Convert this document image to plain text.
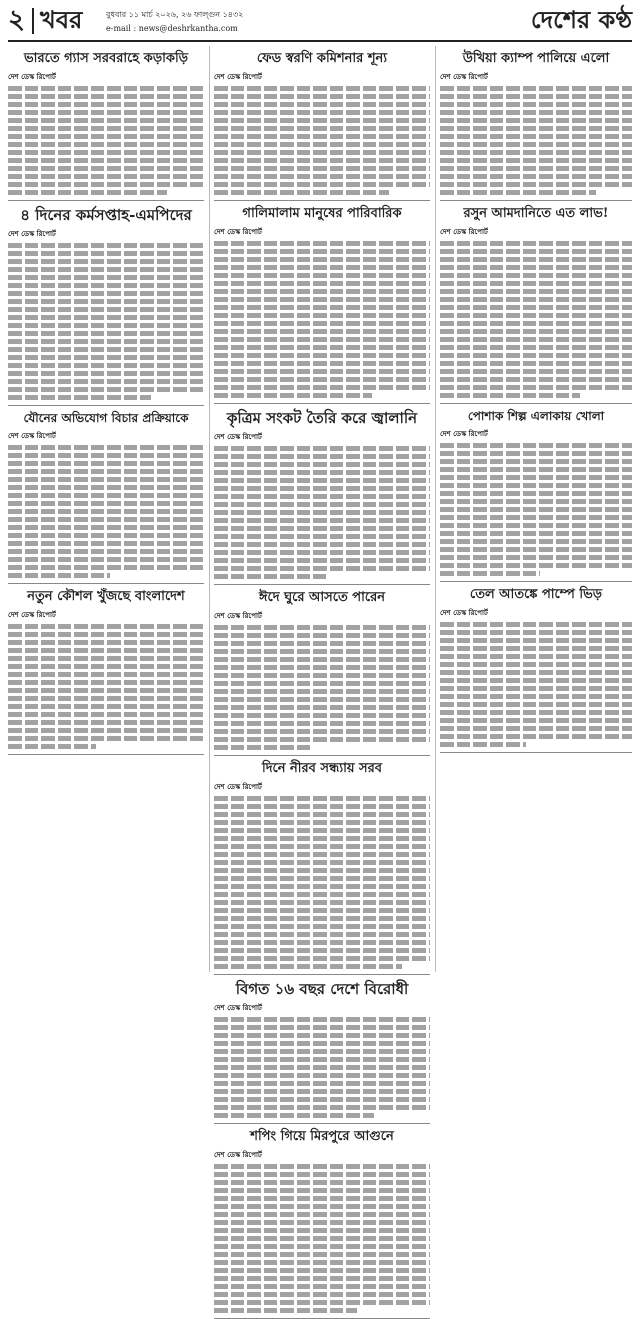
২ খবর	বুধবার ১১ মার্চ ২০২৬, ২৬ ফাল্গুন ১৪৩২
e-mail : news@deshrkantha.com	দেশের কণ্ঠ
ভারতে গ্যাস সরবরাহে কড়াকড়ি
দেশ ডেস্ক রিপোর্ট
৪ দিনের কর্মসপ্তাহ-এমপিদের
দেশ ডেস্ক রিপোর্ট
যৌনের অভিযোগ বিচার প্রক্রিয়াকে
দেশ ডেস্ক রিপোর্ট
নতুন কৌশল খুঁজছে বাংলাদেশ
দেশ ডেস্ক রিপোর্ট
ফেড স্বরণি কমিশনার শূন্য
দেশ ডেস্ক রিপোর্ট
গালিমালাম মানুষের পারিবারিক
দেশ ডেস্ক রিপোর্ট
কৃত্রিম সংকট তৈরি করে জ্বালানি
দেশ ডেস্ক রিপোর্ট
ঈদে ঘুরে আসতে পারেন
দেশ ডেস্ক রিপোর্ট
দিনে নীরব সন্ধ্যায় সরব
দেশ ডেস্ক রিপোর্ট
বিগত ১৬ বছর দেশে বিরোধী
দেশ ডেস্ক রিপোর্ট
শপিং গিয়ে মিরপুরে আগুনে
দেশ ডেস্ক রিপোর্ট
উখিয়া ক্যাম্প পালিয়ে এলো
দেশ ডেস্ক রিপোর্ট
রসুন আমদানিতে এত লাভ!
দেশ ডেস্ক রিপোর্ট
পোশাক শিল্প এলাকায় খোলা
দেশ ডেস্ক রিপোর্ট
তেল আতঙ্কে পাম্পে ভিড়
দেশ ডেস্ক রিপোর্ট
